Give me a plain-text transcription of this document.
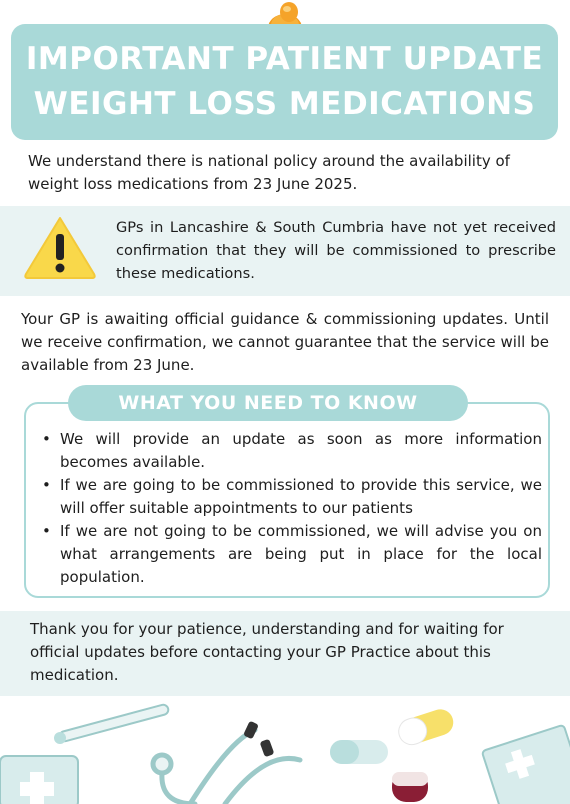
IMPORTANT PATIENT UPDATE
WEIGHT LOSS MEDICATIONS
We understand there is national policy around the availability of weight loss medications from 23 June 2025.
GPs in Lancashire & South Cumbria have not yet received confirmation that they will be commissioned to prescribe these medications.
Your GP is awaiting official guidance & commissioning updates. Until we receive confirmation, we cannot guarantee that the service will be available from 23 June.
WHAT YOU NEED TO KNOW
• We will provide an update as soon as more information becomes available.
• If we are going to be commissioned to provide this service, we will offer suitable appointments to our patients
• If we are not going to be commissioned, we will advise you on what arrangements are being put in place for the local population.
Thank you for your patience, understanding and for waiting for official updates before contacting your GP Practice about this medication.
